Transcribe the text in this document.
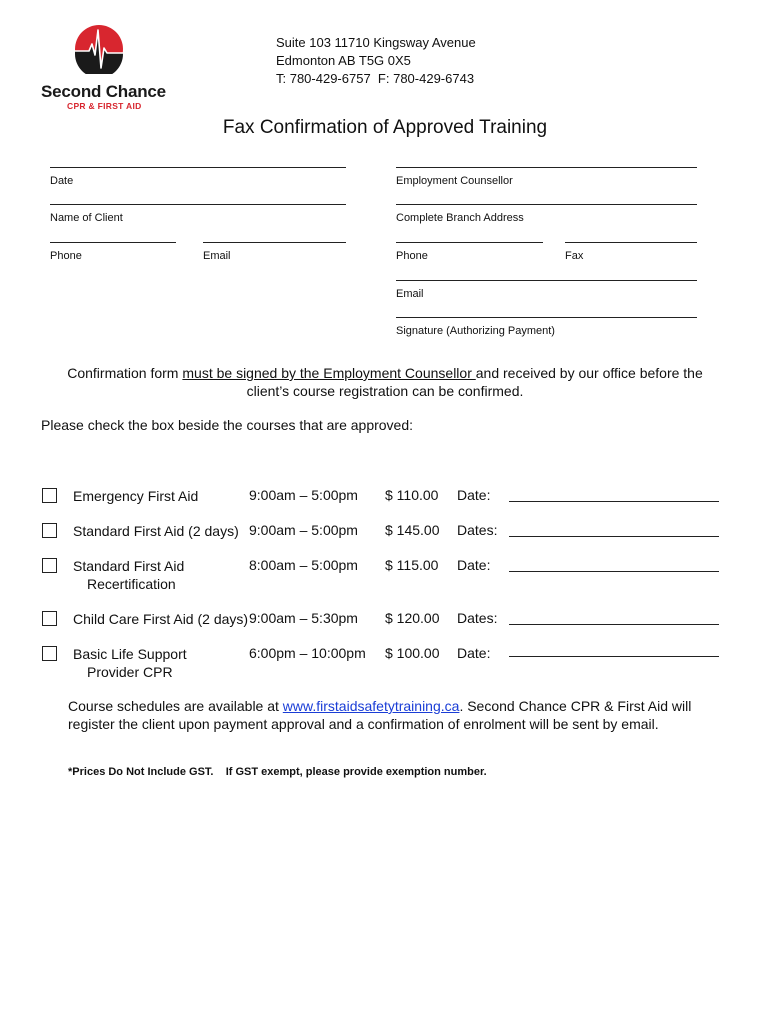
Second Chance
CPR & FIRST AID
Suite 103 11710 Kingsway Avenue
Edmonton AB T5G 0X5
T: 780-429-6757 F: 780-429-6743
Fax Confirmation of Approved Training
Date
Name of Client
Phone	Email
Employment Counsellor
Complete Branch Address
Phone	Fax
Email
Signature (Authorizing Payment)
Confirmation form must be signed by the Employment Counsellor and received by our office before the client’s course registration can be confirmed.
Please check the box beside the courses that are approved:
Emergency First Aid	9:00am – 5:00pm $ 110.00 Date:
Standard First Aid (2 days) 9:00am – 5:00pm $ 145.00 Dates:
Standard First Aid
Recertification
8:00am – 5:00pm $ 115.00 Date:
Child Care First Aid (2 days) 9:00am – 5:30pm $ 120.00 Dates:
Basic Life Support
Provider CPR
6:00pm – 10:00pm $ 100.00 Date:
Course schedules are available at www.firstaidsafetytraining.ca. Second Chance CPR & First Aid will register the client upon payment approval and a confirmation of enrolment will be sent by email.
*Prices Do Not Include GST.    If GST exempt, please provide exemption number.
